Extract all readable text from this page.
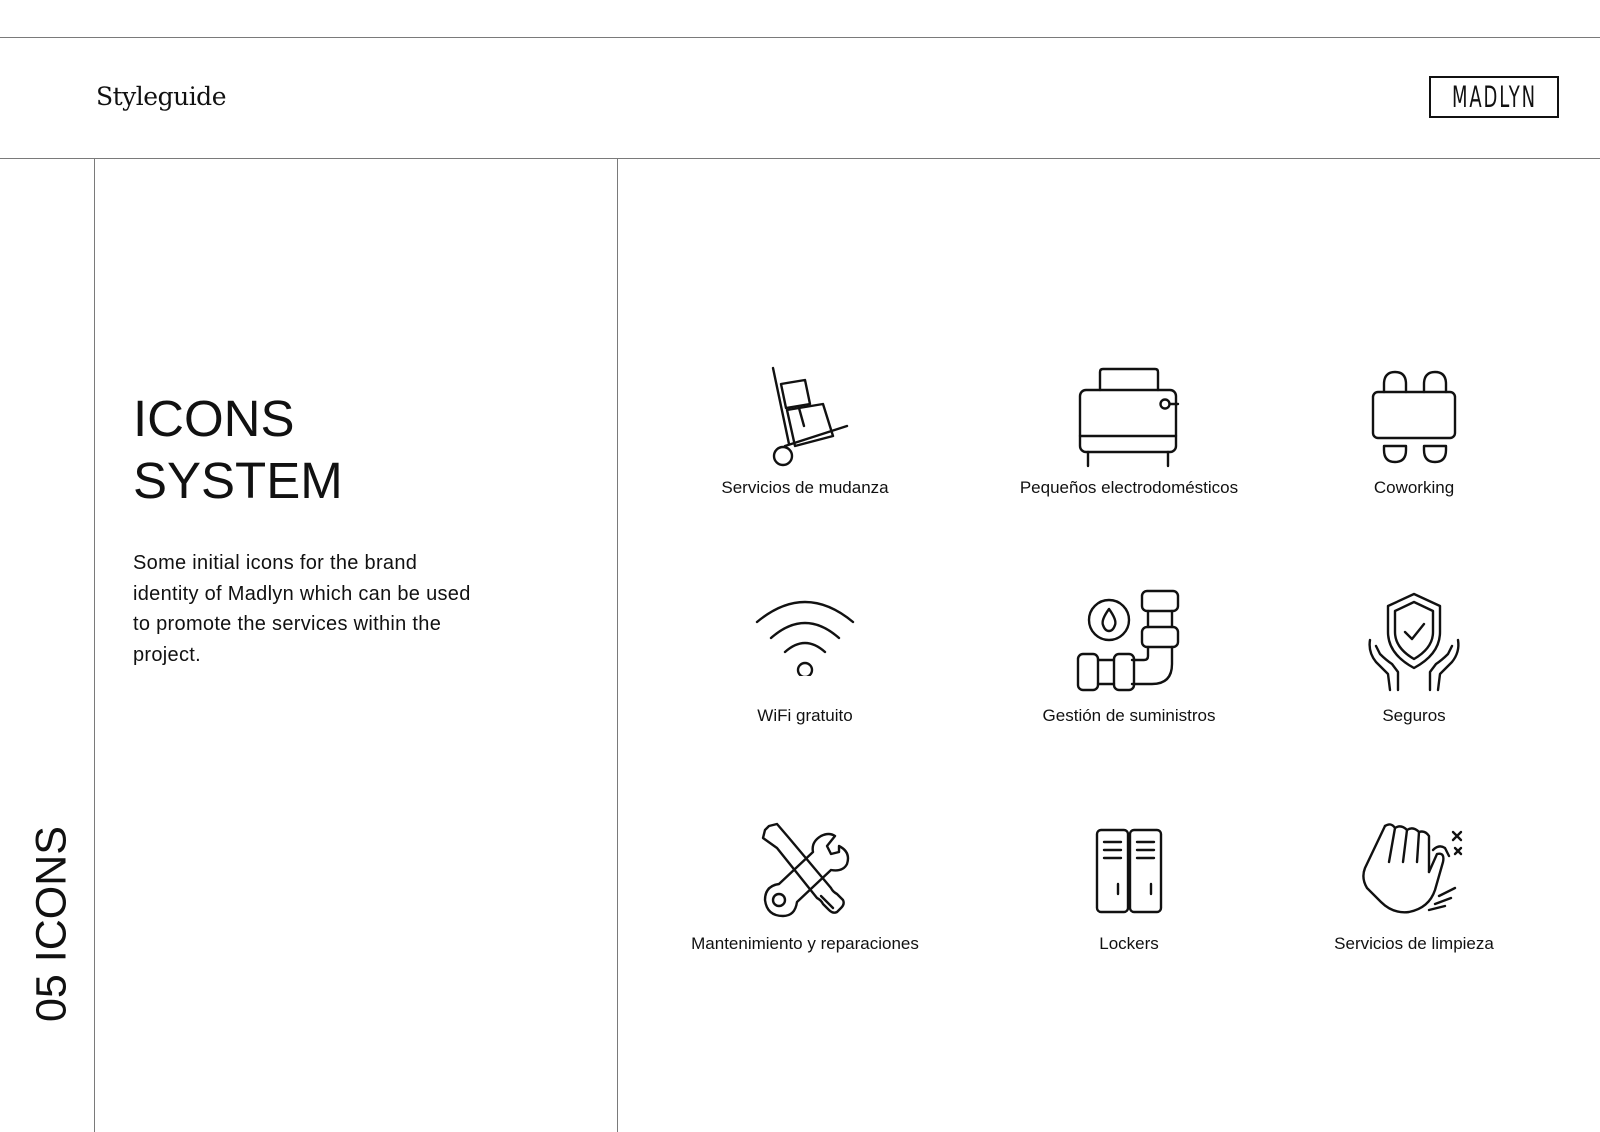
Styleguide	MADLYN
05 ICONS
ICONS
SYSTEM

Some initial icons for the brand identity of Madlyn which can be used to promote the services within the project.

Servicios de mudanza	Pequeños electrodomésticos	Coworking
WiFi gratuito	Gestión de suministros	Seguros
Mantenimiento y reparaciones	Lockers	Servicios de limpieza
